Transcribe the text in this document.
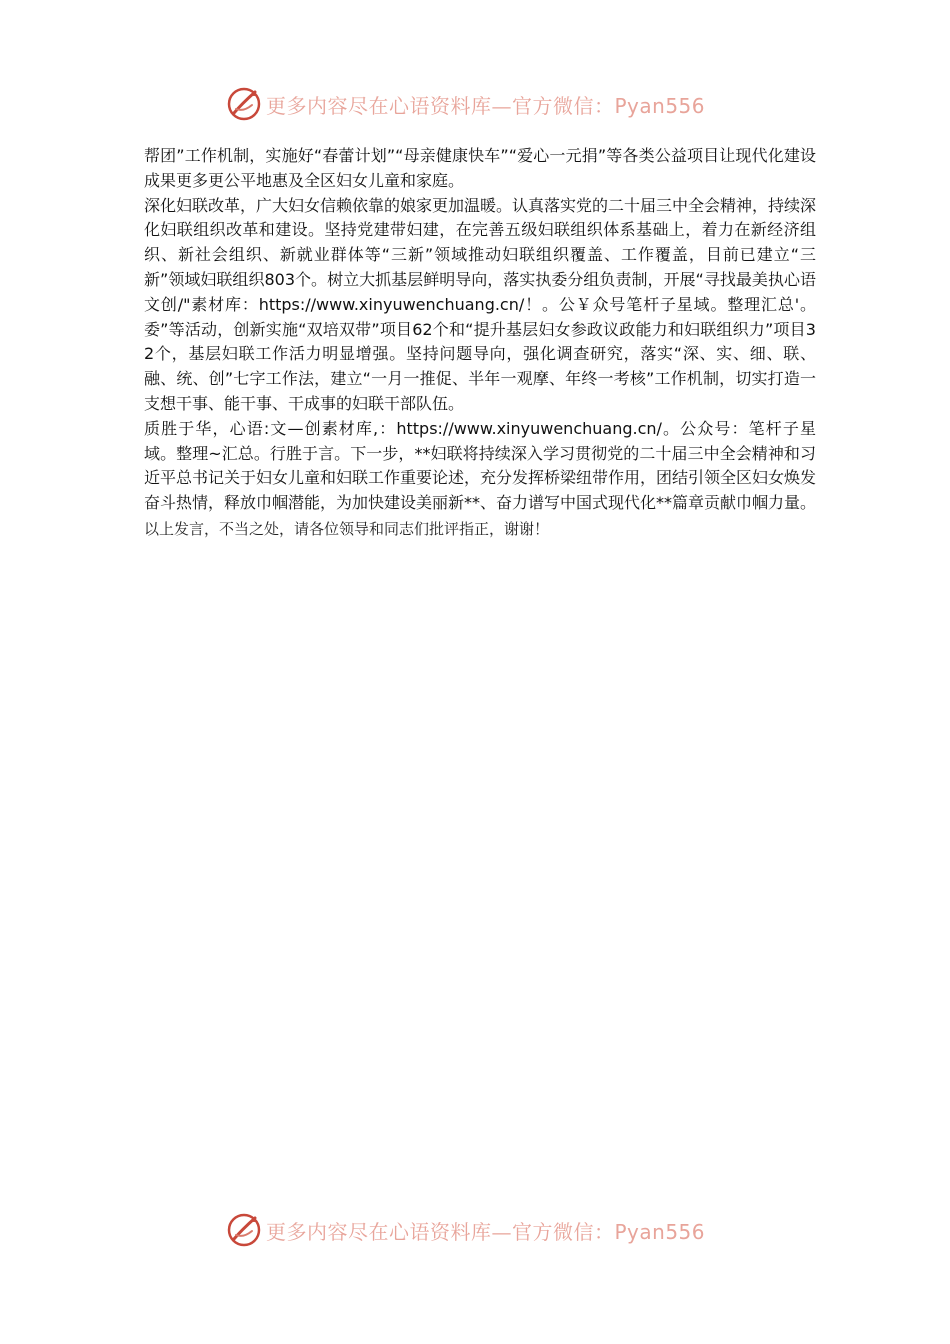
更多内容尽在心语资料库—官方微信：Pyan556

帮团”工作机制，实施好“春蕾计划”“母亲健康快车”“爱心一元捐”等各类公益项目让现代化建设成果更多更公平地惠及全区妇女儿童和家庭。

深化妇联改革，广大妇女信赖依靠的娘家更加温暖。认真落实党的二十届三中全会精神，持续深化妇联组织改革和建设。坚持党建带妇建，在完善五级妇联组织体系基础上，着力在新经济组织、新社会组织、新就业群体等“三新”领域推动妇联组织覆盖、工作覆盖，目前已建立“三新”领域妇联组织803个。树立大抓基层鲜明导向，落实执委分组负责制，开展“寻找最美执心语文创/"素材库：https://www.xinyuwenchuang.cn/！。公￥众号笔杆子星域。整理汇总'。委”等活动，创新实施“双培双带”项目62个和“提升基层妇女参政议政能力和妇联组织力”项目32个，基层妇联工作活力明显增强。坚持问题导向，强化调查研究，落实“深、实、细、联、融、统、创”七字工作法，建立“一月一推促、半年一观摩、年终一考核”工作机制，切实打造一支想干事、能干事、干成事的妇联干部队伍。

质胜于华，心语:文—创素材库,：https://www.xinyuwenchuang.cn/。公众号：笔杆子星域。整理~汇总。行胜于言。下一步，**妇联将持续深入学习贯彻党的二十届三中全会精神和习近平总书记关于妇女儿童和妇联工作重要论述，充分发挥桥梁纽带作用，团结引领全区妇女焕发奋斗热情，释放巾帼潜能，为加快建设美丽新**、奋力谱写中国式现代化**篇章贡献巾帼力量。

以上发言，不当之处，请各位领导和同志们批评指正，谢谢！

更多内容尽在心语资料库—官方微信：Pyan556
